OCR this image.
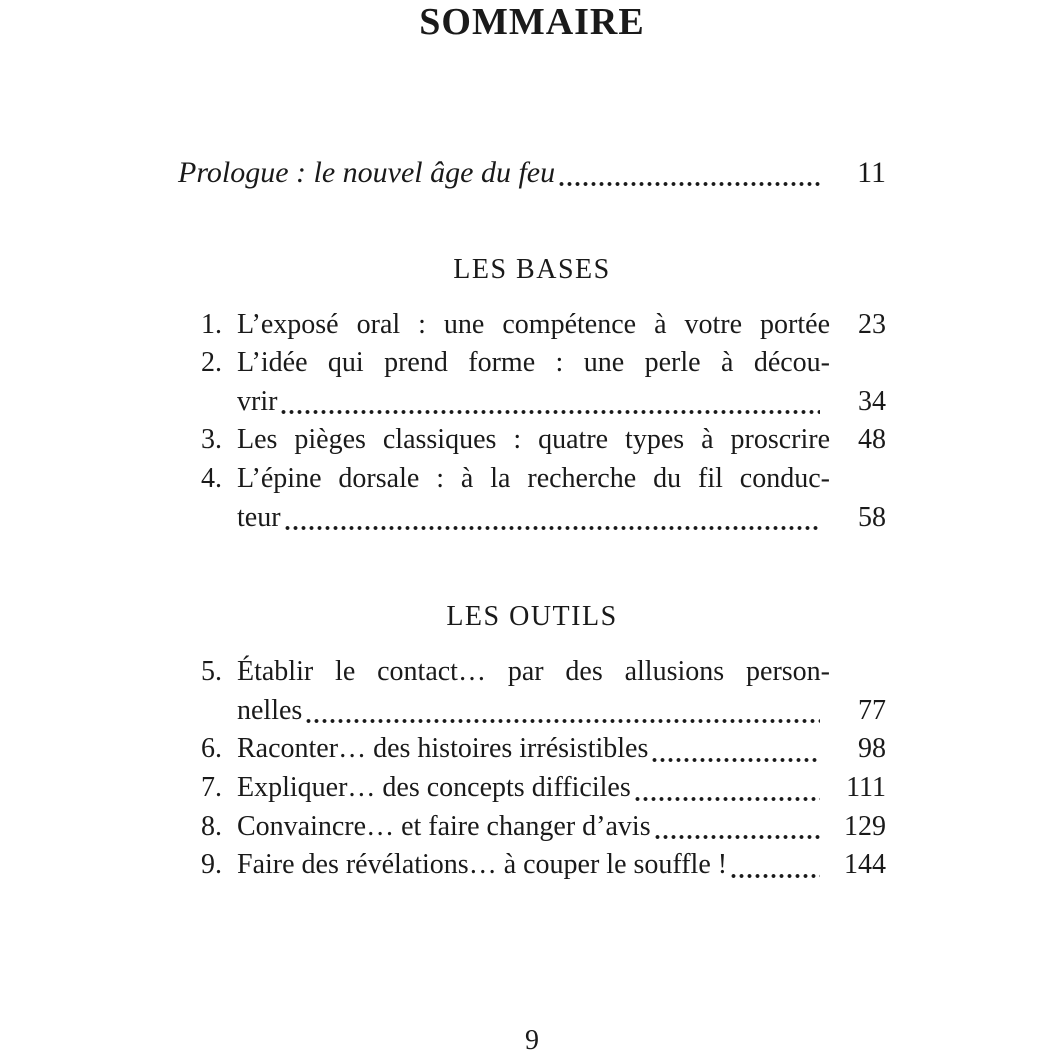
SOMMAIRE
Prologue : le nouvel âge du feu	11
LES BASES
1. L’exposé oral : une compétence à votre portée	23
2. L’idée qui prend forme : une perle à décou-
vrir	34
3. Les pièges classiques : quatre types à proscrire	48
4. L’épine dorsale : à la recherche du fil conduc-
teur	58
LES OUTILS
5. Établir le contact… par des allusions person-
nelles	77
6. Raconter… des histoires irrésistibles	98
7. Expliquer… des concepts difficiles	111
8. Convaincre… et faire changer d’avis	129
9. Faire des révélations… à couper le souffle !	144
9
